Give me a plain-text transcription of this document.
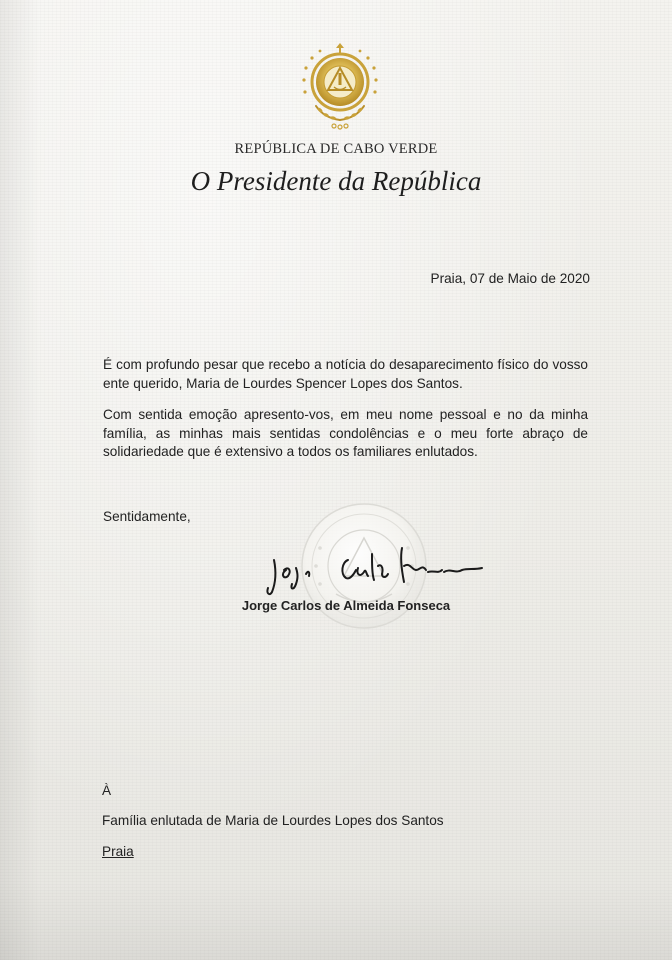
REPÚBLICA DE CABO VERDE
O Presidente da República
Praia, 07 de Maio de 2020
É com profundo pesar que recebo a notícia do desaparecimento físico do vosso ente querido, Maria de Lourdes Spencer Lopes dos Santos.
Com sentida emoção apresento-vos, em meu nome pessoal e no da minha família, as minhas mais sentidas condolências e o meu forte abraço de solidariedade que é extensivo a todos os familiares enlutados.
Sentidamente,
Jorge Carlos de Almeida Fonseca
À
Família enlutada de Maria de Lourdes Lopes dos Santos
Praia
